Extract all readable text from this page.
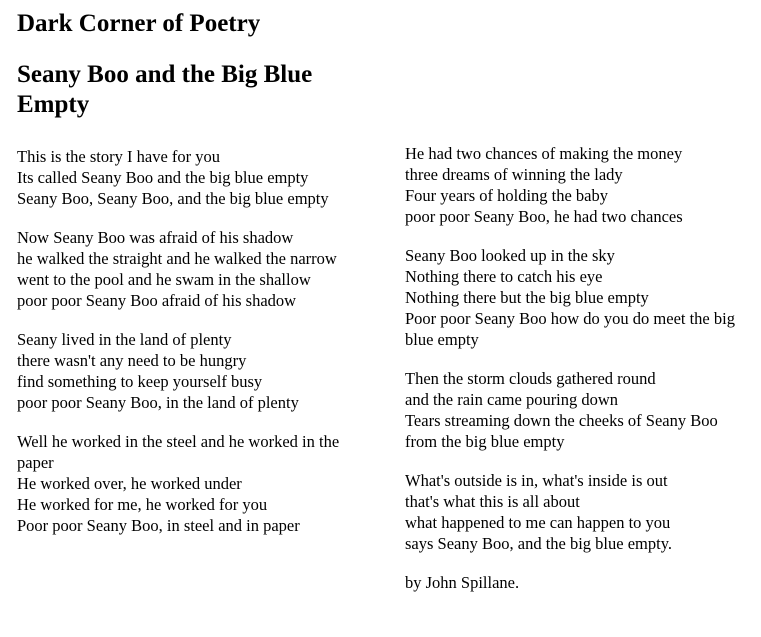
Dark Corner of Poetry
Seany Boo and the Big Blue Empty

This is the story I have for you
Its called Seany Boo and the big blue empty
Seany Boo, Seany Boo, and the big blue empty

Now Seany Boo was afraid of his shadow
he walked the straight and he walked the narrow
went to the pool and he swam in the shallow
poor poor Seany Boo afraid of his shadow

Seany lived in the land of plenty
there wasn't any need to be hungry
find something to keep yourself busy
poor poor Seany Boo, in the land of plenty

Well he worked in the steel and he worked in the paper
He worked over, he worked under
He worked for me, he worked for you
Poor poor Seany Boo, in steel and in paper

He had two chances of making the money
three dreams of winning the lady
Four years of holding the baby
poor poor Seany Boo, he had two chances

Seany Boo looked up in the sky
Nothing there to catch his eye
Nothing there but the big blue empty
Poor poor Seany Boo how do you do meet the big blue empty

Then the storm clouds gathered round
and the rain came pouring down
Tears streaming down the cheeks of Seany Boo
from the big blue empty

What's outside is in, what's inside is out
that's what this is all about
what happened to me can happen to you
says Seany Boo, and the big blue empty.

by John Spillane.
